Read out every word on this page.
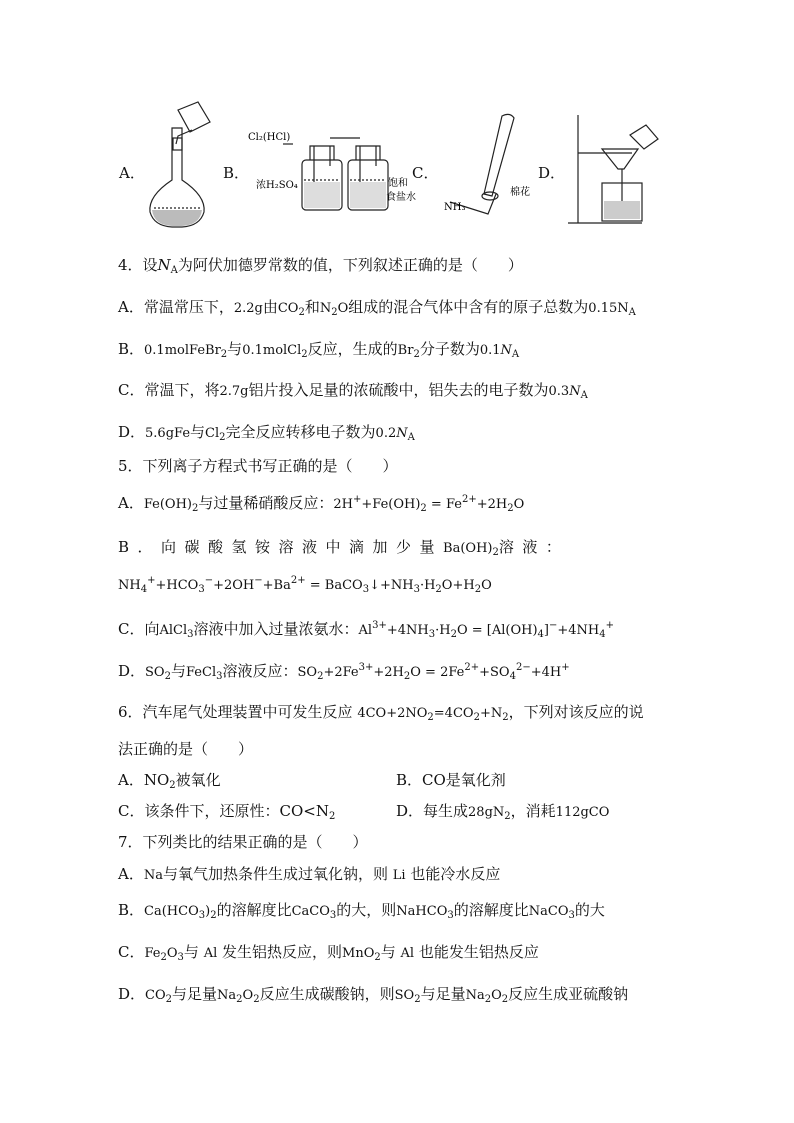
A．	B．	C．	D．
Cl₂(HCl)
浓H₂SO₄	饱和
食盐水	棉花
NH₃
4．设$N_A$为阿伏加德罗常数的值，下列叙述正确的是（　　）
A．常温常压下，2.2g由$CO_2$和$N_2O$组成的混合气体中含有的原子总数为$0.15N_A$
B．0.1molFeBr$_2$与0.1molCl$_2$反应，生成的$Br_2$分子数为$0.1N_A$
C．常温下，将2.7g铝片投入足量的浓硫酸中，铝失去的电子数为$0.3N_A$
D．5.6gFe与$Cl_2$完全反应转移电子数为$0.2N_A$
5．下列离子方程式书写正确的是（　　）
A．$Fe(OH)_2$与过量稀硝酸反应：$2H^++Fe(OH)_2 = Fe^{2+}+2H_2O$
B．向碳酸氢铵溶液中滴加少量$Ba(OH)_2$溶液：
$NH_4^++HCO_3^-+2OH^-+Ba^{2+}$ = $BaCO_3↓+NH_3\cdot H_2O+H_2O$
C．向AlCl$_3$溶液中加入过量浓氨水：$Al^{3+}+4NH_3\cdot H_2O = [Al(OH)_4]^-+4NH_4^+$
D．$SO_2$与FeCl$_3$溶液反应：$SO_2+2Fe^{3+}+2H_2O = 2Fe^{2+}+SO_4^{2-}+4H^+$
6．汽车尾气处理装置中可发生反应 $4CO+2NO_2=4CO_2+N_2$，下列对该反应的说
法正确的是（　　）
A．$NO_2$被氧化	B．CO是氧化剂
C．该条件下，还原性：$CO<N_2$	D．每生成$28gN_2$，消耗112gCO
7．下列类比的结果正确的是（　　）
A．Na与氧气加热条件生成过氧化钠，则 Li 也能冷水反应
B．$Ca(HCO_3)_2$的溶解度比CaCO$_3$的大，则NaHCO$_3$的溶解度比NaCO$_3$的大
C．$Fe_2O_3$与 Al 发生铝热反应，则MnO$_2$与 Al 也能发生铝热反应
D．$CO_2$与足量$Na_2O_2$反应生成碳酸钠，则$SO_2$与足量$Na_2O_2$反应生成亚硫酸钠
